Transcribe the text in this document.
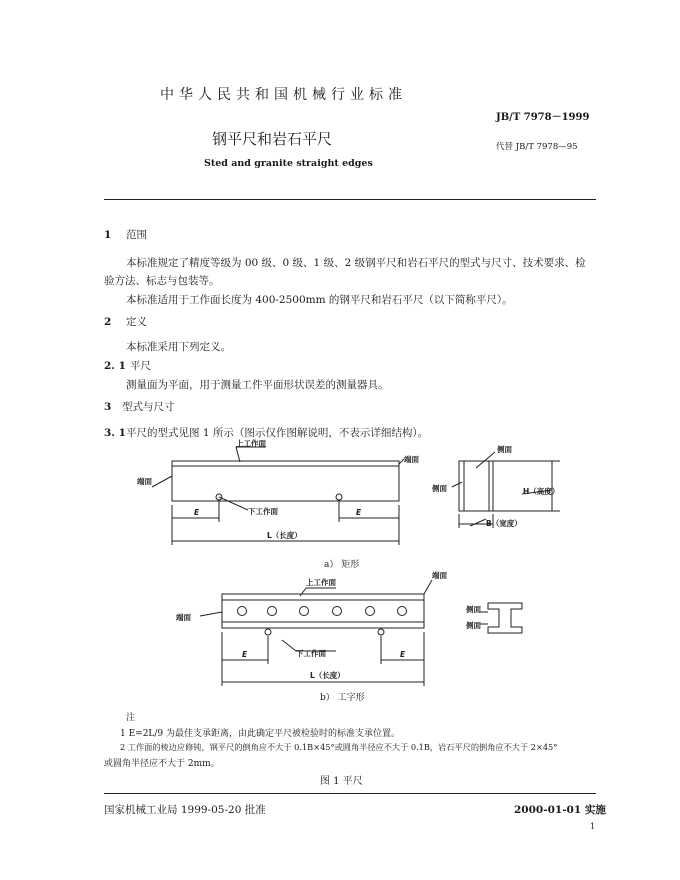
中华人民共和国机械行业标准
JB/T 7978－1999
钢平尺和岩石平尺	代替 JB/T 7978—95
Sted and granite straight edges
1 范围
本标准规定了精度等级为 00 级、0 级、1 级、2 级钢平尺和岩石平尺的型式与尺寸、技术要求、检
验方法、标志与包装等。
本标准适用于工作面长度为 400-2500mm 的钢平尺和岩石平尺（以下简称平尺）。
2 定义
本标准采用下列定义。
2. 1 平尺
测量面为平面，用于测量工件平面形状误差的测量器具。
3 型式与尺寸
3. 1 平尺的型式见图 1 所示（图示仅作图解说明，不表示详细结构）。
上工作面
端面
端面
下工作面
E	E
L（长度）
侧面
侧面	H（高度）
B（宽度）
上工作面
端面
端面
下工作面
E	E
L（长度）
侧面
侧面
a） 矩形
b） 工字形
注
1 E=2L/9 为最佳支承距离，由此确定平尺被检验时的标准支承位置。
2 工作面的棱边应修钝，钢平尺的倒角应不大于 0.1B×45°或圆角半径应不大于 0.1B，岩石平尺的倒角应不大于 2×45°
或圆角半径应不大于 2mm。
图 1 平尺
国家机械工业局 1999-05-20 批准	2000-01-01 实施
1
